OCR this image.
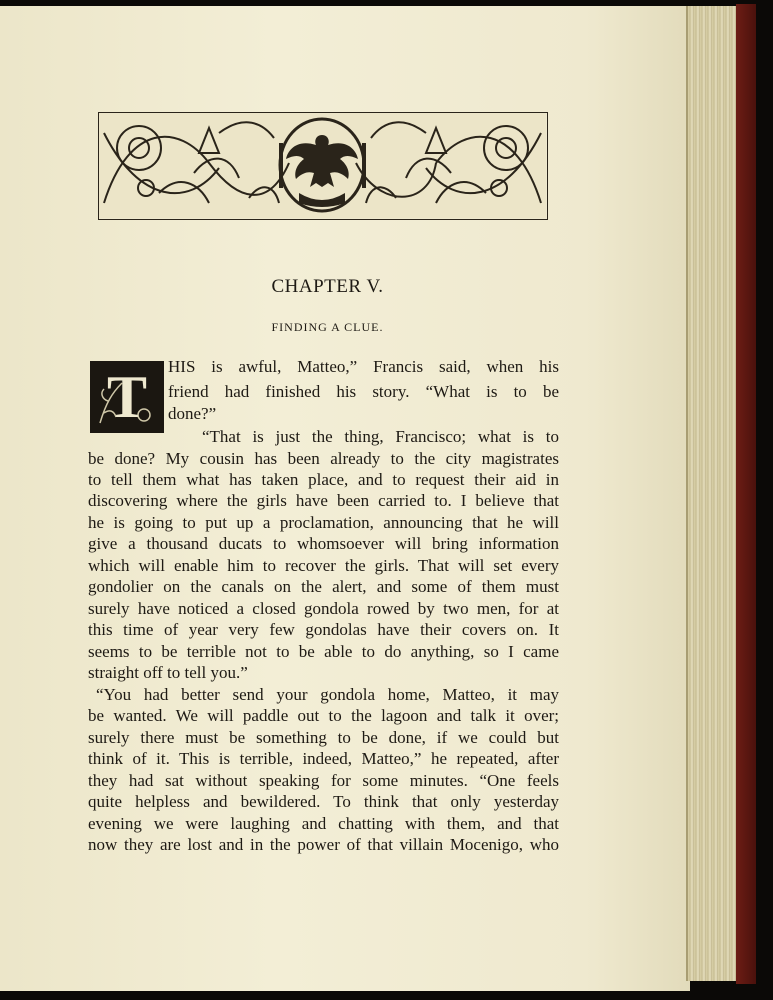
CHAPTER V.
FINDING A CLUE.
T	HIS is awful, Matteo,” Francis said, when his
friend had finished his story. “What is to be
done?”
“That is just the thing, Francisco; what is to
be done? My cousin has been already to the city magistrates
to tell them what has taken place, and to request their aid in
discovering where the girls have been carried to. I believe that
he is going to put up a proclamation, announcing that he will
give a thousand ducats to whomsoever will bring information
which will enable him to recover the girls. That will set every
gondolier on the canals on the alert, and some of them must
surely have noticed a closed gondola rowed by two men, for at
this time of year very few gondolas have their covers on. It
seems to be terrible not to be able to do anything, so I came
straight off to tell you.”
“You had better send your gondola home, Matteo, it may
be wanted. We will paddle out to the lagoon and talk it over;
surely there must be something to be done, if we could but
think of it. This is terrible, indeed, Matteo,” he repeated, after
they had sat without speaking for some minutes. “One feels
quite helpless and bewildered. To think that only yesterday
evening we were laughing and chatting with them, and that
now they are lost and in the power of that villain Mocenigo, who
